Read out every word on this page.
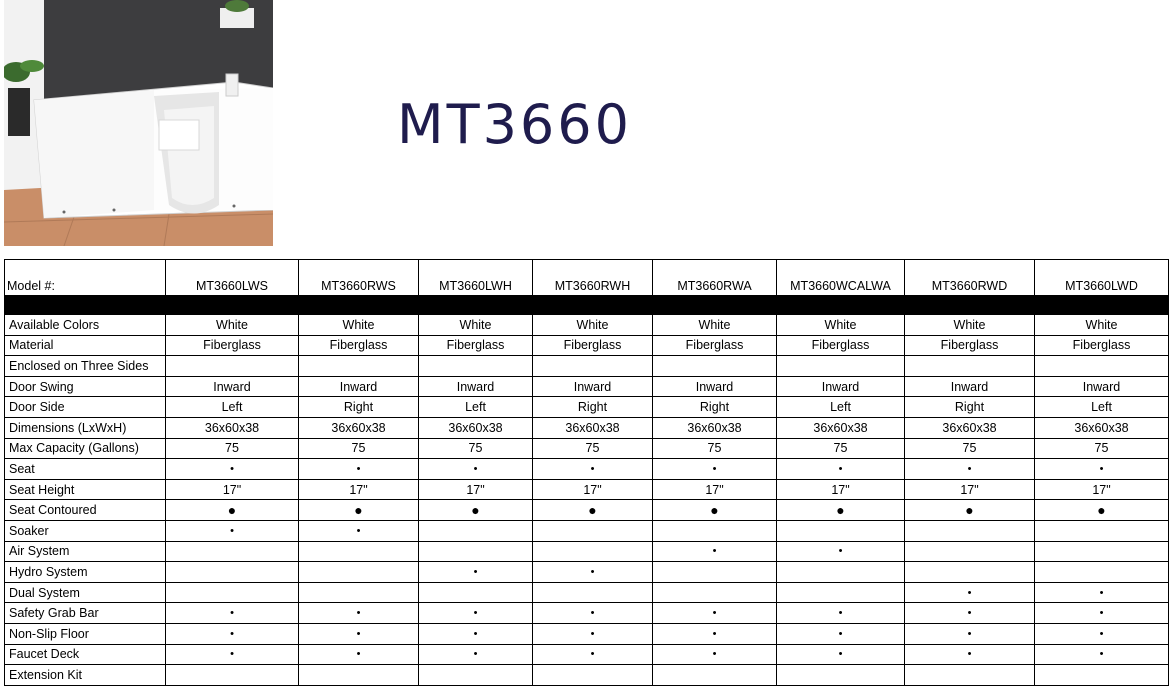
MT3660
Model #:	MT3660LWS	MT3660RWS	MT3660LWH	MT3660RWH	MT3660RWA	MT3660WCALWA	MT3660RWD	MT3660LWD

Available Colors	White	White	White	White	White	White	White	White
Material	Fiberglass	Fiberglass	Fiberglass	Fiberglass	Fiberglass	Fiberglass	Fiberglass	Fiberglass
Enclosed on Three Sides								
Door Swing	Inward	Inward	Inward	Inward	Inward	Inward	Inward	Inward
Door Side	Left	Right	Left	Right	Right	Left	Right	Left
Dimensions (LxWxH)	36x60x38	36x60x38	36x60x38	36x60x38	36x60x38	36x60x38	36x60x38	36x60x38
Max Capacity (Gallons)	75	75	75	75	75	75	75	75
Seat	•	•	•	•	•	•	•	•
Seat Height	17"	17"	17"	17"	17"	17"	17"	17"
Seat Contoured	●	●	●	●	●	●	●	●
Soaker	•	•						
Air System					•	•		
Hydro System			•	•				
Dual System							•	•
Safety Grab Bar	•	•	•	•	•	•	•	•
Non-Slip Floor	•	•	•	•	•	•	•	•
Faucet Deck	•	•	•	•	•	•	•	•
Extension Kit								
